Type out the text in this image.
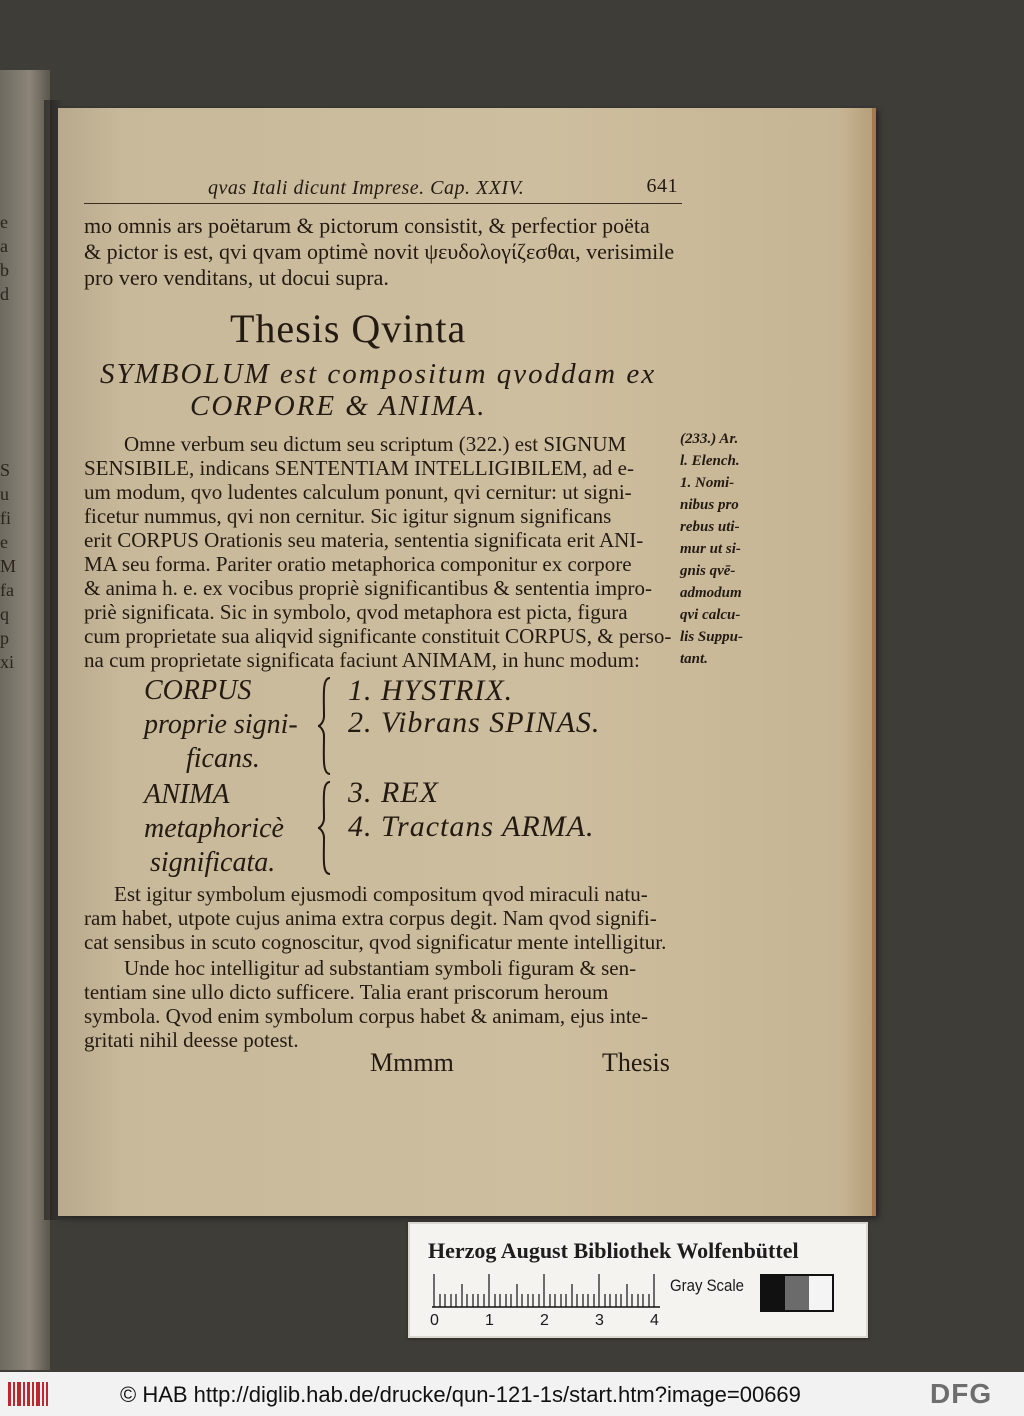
e
a
b
d
S
u
fi
e
M
fa
q
p
xi
qvas Itali dicunt Imprese. Cap. XXIV.	641
mo omnis ars poëtarum & pictorum consistit, & perfectior poëta
& pictor is est, qvi qvam optimè novit ψευδολογίζεσθαι, verisimile
pro vero venditans, ut docui supra.
Thesis Qvinta
SYMBOLUM est compositum qvoddam ex
CORPORE & ANIMA.
Omne verbum seu dictum seu scriptum (322.) est SIGNUM
SENSIBILE, indicans SENTENTIAM INTELLIGIBILEM, ad e-
um modum, qvo ludentes calculum ponunt, qvi cernitur: ut signi-
ficetur nummus, qvi non cernitur. Sic igitur signum significans
erit CORPUS Orationis seu materia, sententia significata erit ANI-
MA seu forma. Pariter oratio metaphorica componitur ex corpore
& anima h. e. ex vocibus propriè significantibus & sententia impro-
priè significata. Sic in symbolo, qvod metaphora est picta, figura
cum proprietate sua aliqvid significante constituit CORPUS, & perso-
na cum proprietate significata faciunt ANIMAM, in hunc modum:
(233.) Ar.
l. Elench.
1. Nomi-
nibus pro
rebus uti-
mur ut si-
gnis qvē-
admodum
qvi calcu-
lis Suppu-
tant.
CORPUS
proprie signi-
ficans.
1. HYSTRIX.
2. Vibrans SPINAS.
ANIMA
metaphoricè
significata.
3. REX
4. Tractans ARMA.
Est igitur symbolum ejusmodi compositum qvod miraculi natu-
ram habet, utpote cujus anima extra corpus degit. Nam qvod signifi-
cat sensibus in scuto cognoscitur, qvod significatur mente intelligitur.
Unde hoc intelligitur ad substantiam symboli figuram & sen-
tentiam sine ullo dicto sufficere. Talia erant priscorum heroum
symbola. Qvod enim symbolum corpus habet & animam, ejus inte-
gritati nihil deesse potest.
Mmmm	Thesis
Herzog August Bibliothek Wolfenbüttel
0	1	2	3	4
Gray Scale
© HAB http://diglib.hab.de/drucke/qun-121-1s/start.htm?image=00669	DFG
